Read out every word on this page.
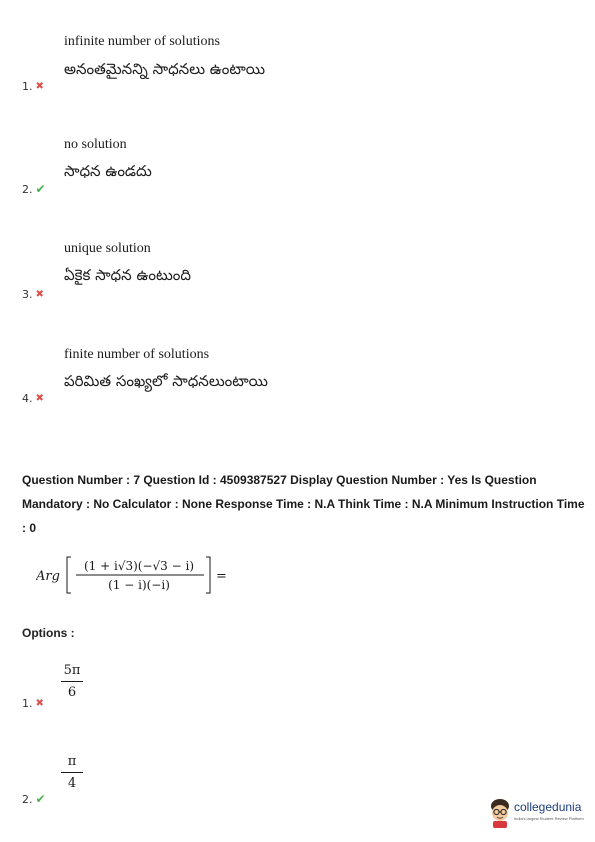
infinite number of solutions
అనంతమైనన్ని సాధనలు ఉంటాయి
1. ✖
no solution
సాధన ఉండదు
2. ✔
unique solution
ఏకైక సాధన ఉంటుంది
3. ✖
finite number of solutions
పరిమిత సంఖ్యలో సాధనలుంటాయి
4. ✖
Question Number : 7 Question Id : 4509387527 Display Question Number : Yes Is Question Mandatory : No Calculator : None Response Time : N.A Think Time : N.A Minimum Instruction Time : 0
Arg
(1 + i√3)(−√3 − i)
(1 − i)(−i)
=
Options :
5π
6
1. ✖
π
4
2. ✔
collegedunia
India's largest Student Review Platform
